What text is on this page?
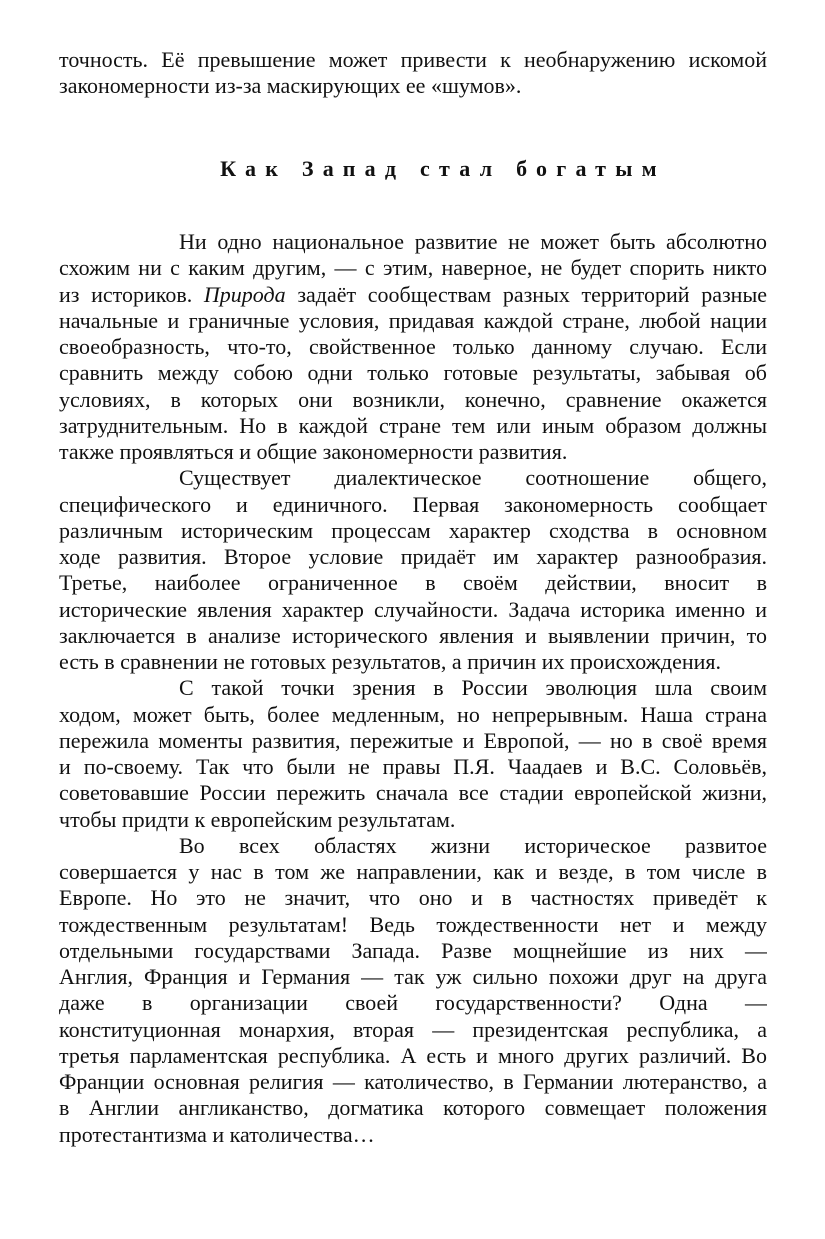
точность. Её превышение может привести к необнаружению искомой
закономерности из-за маскирующих ее «шумов».
Как Запад стал богатым
Ни одно национальное развитие не может быть абсолютно
схожим ни с каким другим, — с этим, наверное, не будет спорить никто
из историков. Природа задаёт сообществам разных территорий разные
начальные и граничные условия, придавая каждой стране, любой нации
своеобразность, что-то, свойственное только данному случаю. Если
сравнить между собою одни только готовые результаты, забывая об
условиях, в которых они возникли, конечно, сравнение окажется
затруднительным. Но в каждой стране тем или иным образом должны
также проявляться и общие закономерности развития.
Существует диалектическое соотношение общего,
специфического и единичного. Первая закономерность сообщает
различным историческим процессам характер сходства в основном
ходе развития. Второе условие придаёт им характер разнообразия.
Третье, наиболее ограниченное в своём действии, вносит в
исторические явления характер случайности. Задача историка именно и
заключается в анализе исторического явления и выявлении причин, то
есть в сравнении не готовых результатов, а причин их происхождения.
С такой точки зрения в России эволюция шла своим
ходом, может быть, более медленным, но непрерывным. Наша страна
пережила моменты развития, пережитые и Европой, — но в своё время
и по-своему. Так что были не правы П.Я. Чаадаев и В.С. Соловьёв,
советовавшие России пережить сначала все стадии европейской жизни,
чтобы придти к европейским результатам.
Во всех областях жизни историческое развитое
совершается у нас в том же направлении, как и везде, в том числе в
Европе. Но это не значит, что оно и в частностях приведёт к
тождественным результатам! Ведь тождественности нет и между
отдельными государствами Запада. Разве мощнейшие из них —
Англия, Франция и Германия — так уж сильно похожи друг на друга
даже в организации своей государственности? Одна —
конституционная монархия, вторая — президентская республика, а
третья парламентская республика. А есть и много других различий. Во
Франции основная религия — католичество, в Германии лютеранство, а
в Англии англиканство, догматика которого совмещает положения
протестантизма и католичества…
